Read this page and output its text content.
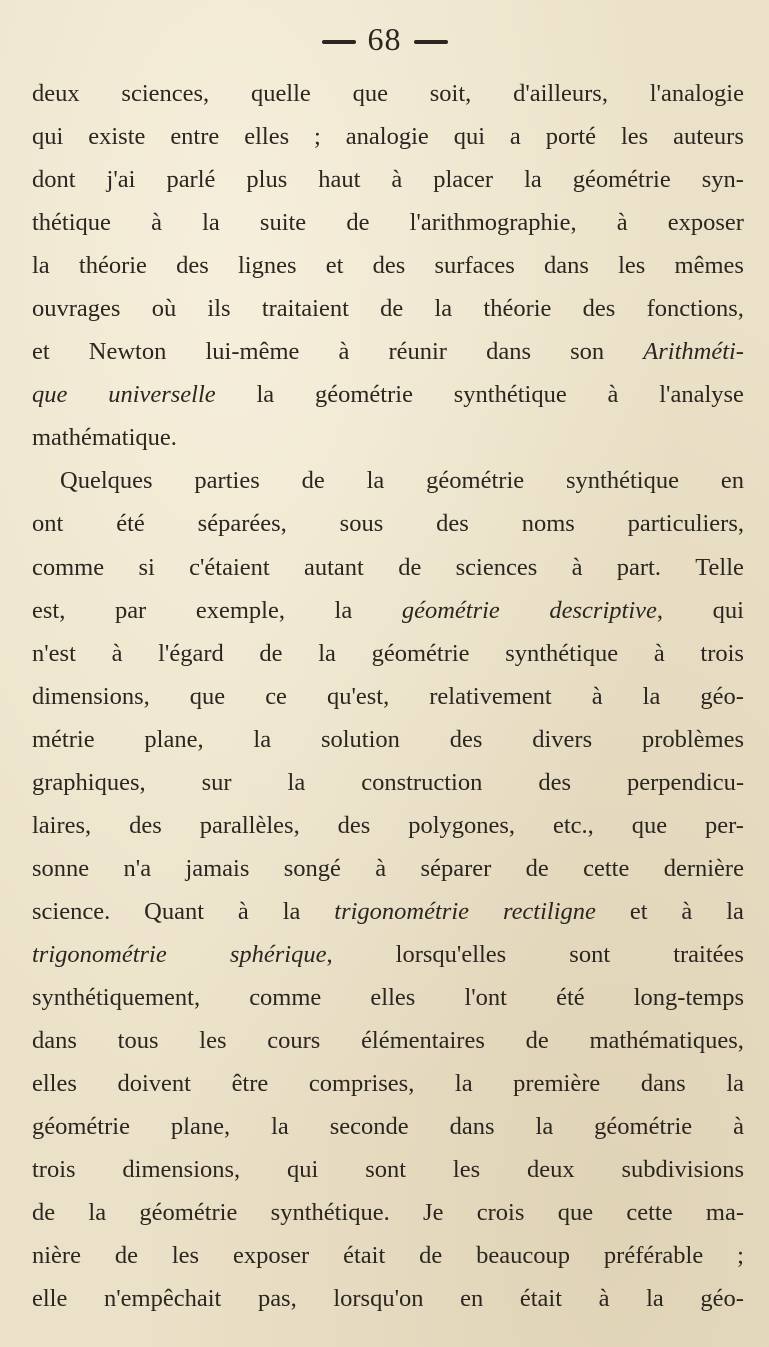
68
deux sciences, quelle que soit, d'ailleurs, l'analogie
qui existe entre elles ; analogie qui a porté les auteurs
dont j'ai parlé plus haut à placer la géométrie syn-
thétique à la suite de l'arithmographie, à exposer
la théorie des lignes et des surfaces dans les mêmes
ouvrages où ils traitaient de la théorie des fonctions,
et Newton lui-même à réunir dans son Arithméti-
que universelle la géométrie synthétique à l'analyse
mathématique.
Quelques parties de la géométrie synthétique en
ont été séparées, sous des noms particuliers,
comme si c'étaient autant de sciences à part. Telle
est, par exemple, la géométrie descriptive, qui
n'est à l'égard de la géométrie synthétique à trois
dimensions, que ce qu'est, relativement à la géo-
métrie plane, la solution des divers problèmes
graphiques, sur la construction des perpendicu-
laires, des parallèles, des polygones, etc., que per-
sonne n'a jamais songé à séparer de cette dernière
science. Quant à la trigonométrie rectiligne et à la
trigonométrie	sphérique,	lorsqu'elles	sont	traitées
synthétiquement, comme elles l'ont été long-temps
dans tous les cours élémentaires de mathématiques,
elles doivent être comprises, la première dans la
géométrie plane, la seconde dans la géométrie à
trois dimensions, qui sont les deux subdivisions
de la géométrie synthétique. Je crois que cette ma-
nière de les exposer était de beaucoup préférable ;
elle n'empêchait pas, lorsqu'on en était à la géo-
